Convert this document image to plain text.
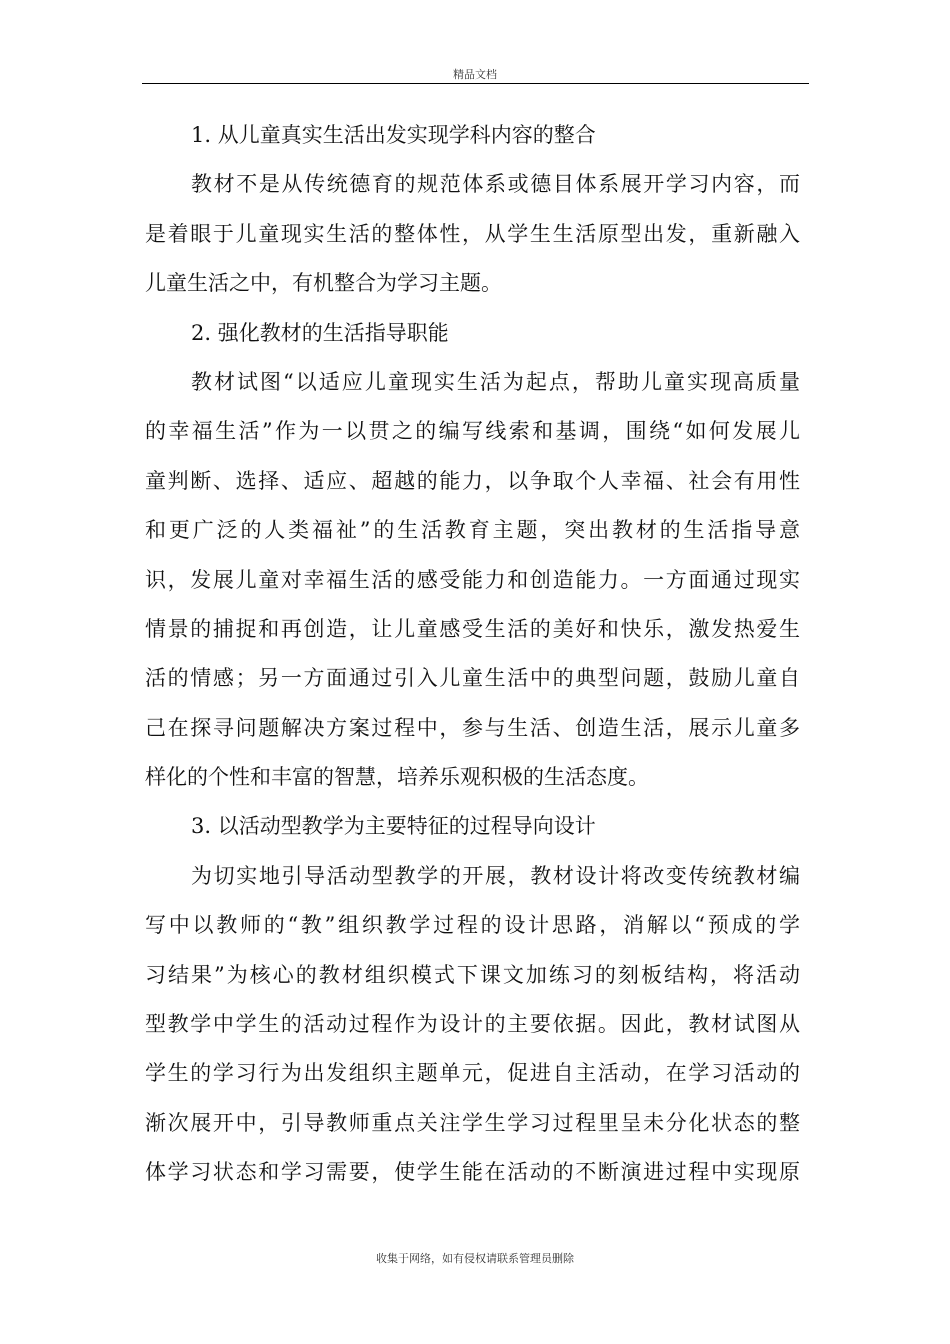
精品文档
1. 从儿童真实生活出发实现学科内容的整合
教材不是从传统德育的规范体系或德目体系展开学习内容，而
是着眼于儿童现实生活的整体性，从学生生活原型出发，重新融入
儿童生活之中，有机整合为学习主题。
2. 强化教材的生活指导职能
教材试图“以适应儿童现实生活为起点，帮助儿童实现高质量
的幸福生活”作为一以贯之的编写线索和基调，围绕“如何发展儿
童判断、选择、适应、超越的能力，以争取个人幸福、社会有用性
和更广泛的人类福祉”的生活教育主题，突出教材的生活指导意
识，发展儿童对幸福生活的感受能力和创造能力。一方面通过现实
情景的捕捉和再创造，让儿童感受生活的美好和快乐，激发热爱生
活的情感；另一方面通过引入儿童生活中的典型问题，鼓励儿童自
己在探寻问题解决方案过程中，参与生活、创造生活，展示儿童多
样化的个性和丰富的智慧，培养乐观积极的生活态度。
3. 以活动型教学为主要特征的过程导向设计
为切实地引导活动型教学的开展，教材设计将改变传统教材编
写中以教师的“教”组织教学过程的设计思路，消解以“预成的学
习结果”为核心的教材组织模式下课文加练习的刻板结构，将活动
型教学中学生的活动过程作为设计的主要依据。因此，教材试图从
学生的学习行为出发组织主题单元，促进自主活动，在学习活动的
渐次展开中，引导教师重点关注学生学习过程里呈未分化状态的整
体学习状态和学习需要，使学生能在活动的不断演进过程中实现原
收集于网络，如有侵权请联系管理员删除
